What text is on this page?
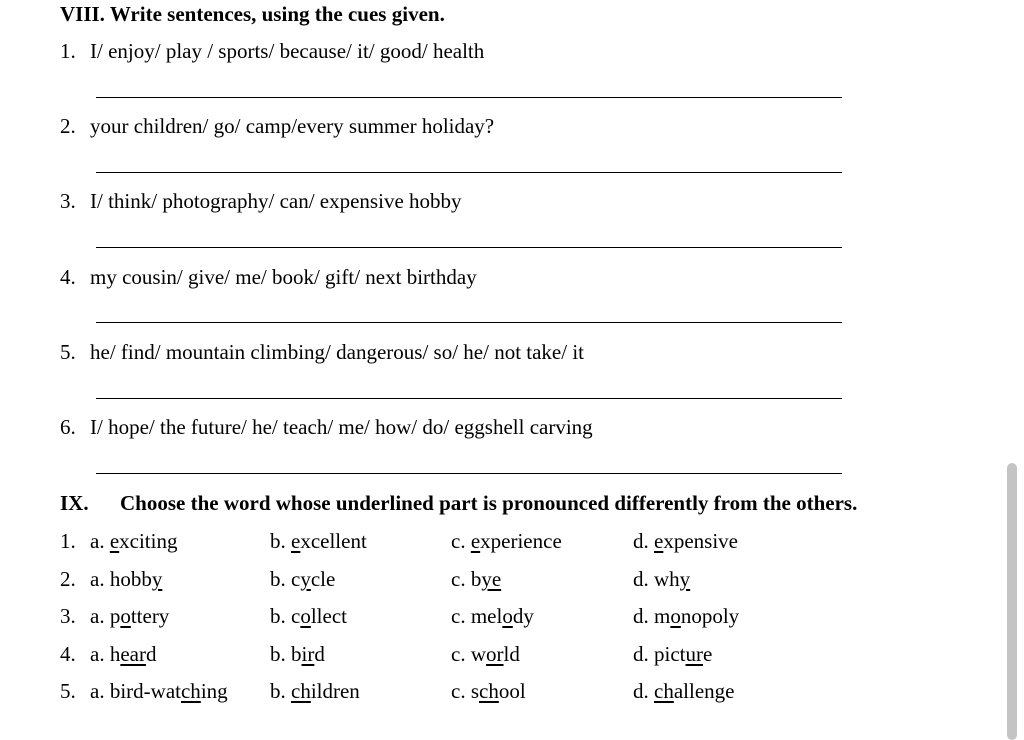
VIII. Write sentences, using the cues given.
1. I/ enjoy/ play / sports/ because/ it/ good/ health
2. your children/ go/ camp/every summer holiday?
3. I/ think/ photography/ can/ expensive hobby
4. my cousin/ give/ me/ book/ gift/ next birthday
5. he/ find/ mountain climbing/ dangerous/ so/ he/ not take/ it
6. I/ hope/ the future/ he/ teach/ me/ how/ do/ eggshell carving
IX. Choose the word whose underlined part is pronounced differently from the others.
1. a. exciting	b. excellent	c. experience	d. expensive
2. a. hobby	b. cycle	c. bye	d. why
3. a. pottery	b. collect	c. melody	d. monopoly
4. a. heard	b. bird	c. world	d. picture
5. a. bird-watching b. children	c. school	d. challenge
